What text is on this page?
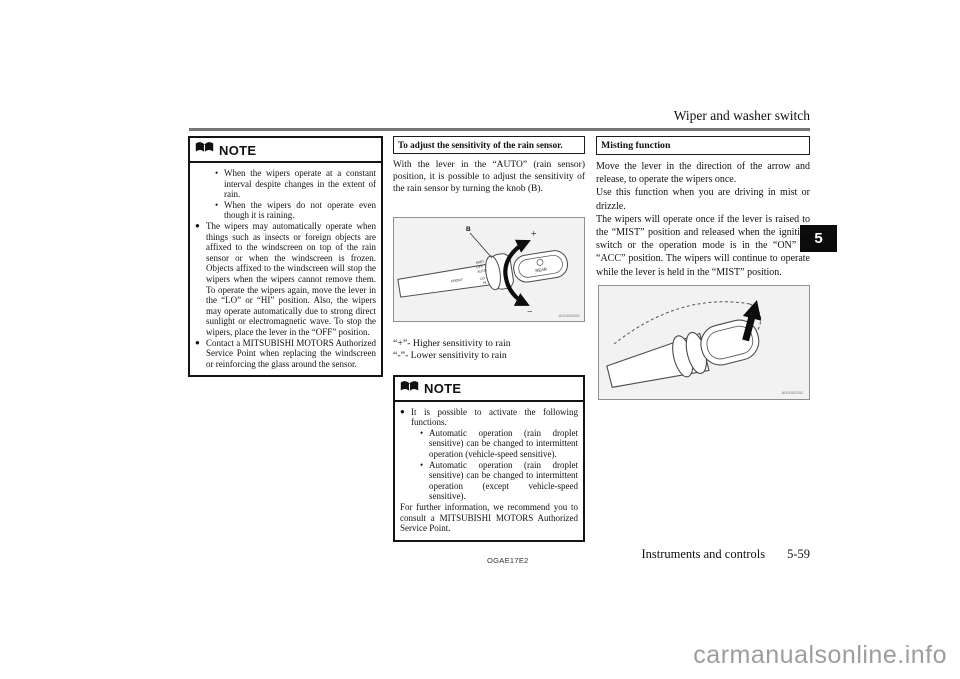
Wiper and washer switch
5
NOTE
• When the wipers operate at a constant interval despite changes in the extent of rain.
• When the wipers do not operate even though it is raining.
● The wipers may automatically operate when things such as insects or foreign objects are affixed to the windscreen on top of the rain sensor or when the windscreen is frozen. Objects affixed to the windscreen will stop the wipers when the wipers cannot remove them. To operate the wipers again, move the lever in the “LO” or “HI” position. Also, the wipers may operate automatically due to strong direct sunlight or electromagnetic wave. To stop the wipers, place the lever in the “OFF” position.
● Contact a MITSUBISHI MOTORS Authorized Service Point when replacing the windscreen or reinforcing the glass around the sensor.
To adjust the sensitivity of the rain sensor.
With the lever in the “AUTO” (rain sensor) position, it is possible to adjust the sensitivity of the rain sensor by turning the knob (B).
MIST
OFF
AUTO
LO
HI
FRONT
REAR
B	+
−	AG0000051
“+”- Higher sensitivity to rain
“-”- Lower sensitivity to rain
NOTE
● It is possible to activate the following functions.
• Automatic operation (rain droplet sensitive) can be changed to intermittent operation (vehicle-speed sensitive).
• Automatic operation (rain droplet sensitive) can be changed to intermittent operation (except vehicle-speed sensitive).
For further information, we recommend you to consult a MITSUBISHI MOTORS Authorized Service Point.
Misting function
Move the lever in the direction of the arrow and release, to operate the wipers once.
Use this function when you are driving in mist or drizzle.
The wipers will operate once if the lever is raised to the “MIST” position and released when the ignition switch or the operation mode is in the “ON” or “ACC” position. The wipers will continue to operate while the lever is held in the “MIST” position.
AG0002332
OGAE17E2	Instruments and controls 5-59
carmanualsonline.info
